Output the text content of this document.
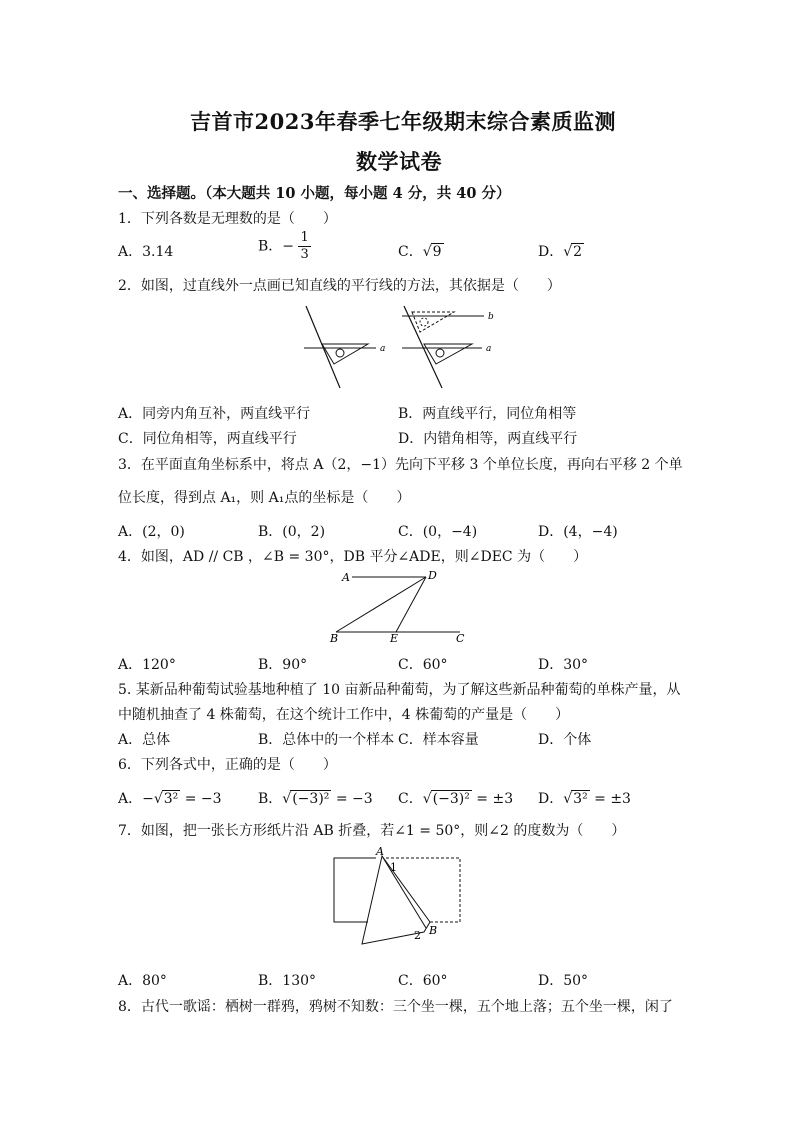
吉首市2023年春季七年级期末综合素质监测
数学试卷
一、选择题。（本大题共 10 小题，每小题 4 分，共 40 分）
1．下列各数是无理数的是（　　）
A．3.14	B．− $\frac{1}{3}$	C．√9	D．√2
2．如图，过直线外一点画已知直线的平行线的方法，其依据是（　　）
a
b
a
A．同旁内角互补，两直线平行	B．两直线平行，同位角相等
C．同位角相等，两直线平行	D．内错角相等，两直线平行
3．在平面直角坐标系中，将点 A（2，−1）先向下平移 3 个单位长度，再向右平移 2 个单
位长度，得到点 A₁，则 A₁点的坐标是（　　）
A．(2，0)	B．(0，2)	C．(0，−4)	D．(4，−4)
4．如图，AD // CB ，∠B = 30°，DB 平分∠ADE，则∠DEC 为（　　）
A	D
B	E	C
A．120°	B．90°	C．60°	D．30°
5. 某新品种葡萄试验基地种植了 10 亩新品种葡萄，为了解这些新品种葡萄的单株产量，从
中随机抽查了 4 株葡萄，在这个统计工作中，4 株葡萄的产量是（　　）
A．总体	B．总体中的一个样本 C．样本容量	D．个体
6．下列各式中，正确的是（　　）
A．−√3² = −3	B．√(−3)² = −3 C．√(−3)² = ±3 D．√3² = ±3
7．如图，把一张长方形纸片沿 AB 折叠，若∠1 = 50°，则∠2 的度数为（　　）
A
1
2 B
A．80°	B．130°	C．60°	D．50°
8．古代一歌谣：栖树一群鸦，鸦树不知数：三个坐一棵，五个地上落；五个坐一棵，闲了
